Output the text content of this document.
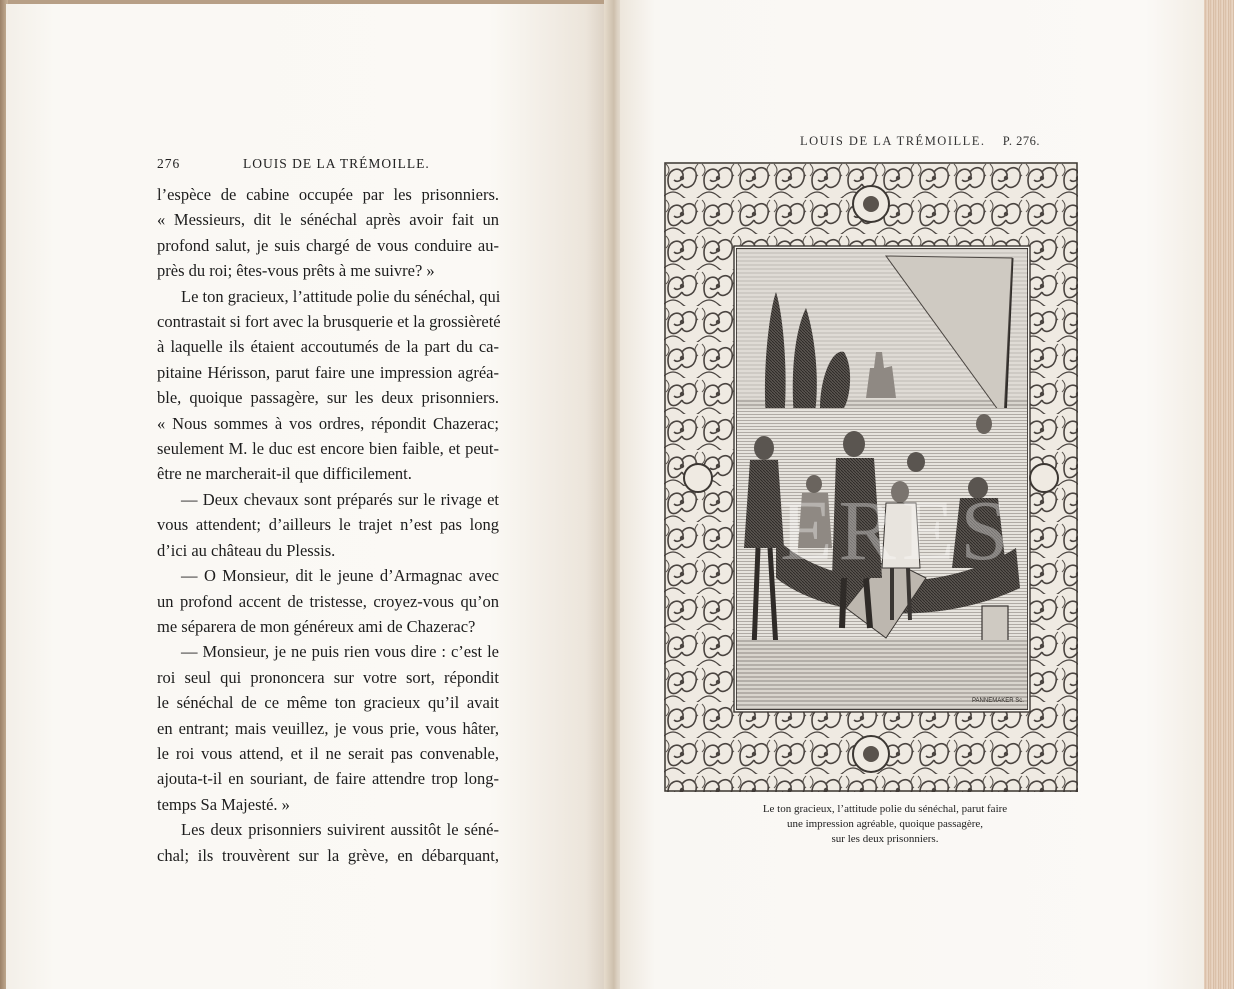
276	LOUIS DE LA TRÉMOILLE.
l’espèce de cabine occupée par les prisonniers.
« Messieurs, dit le sénéchal après avoir fait un
profond salut, je suis chargé de vous conduire au-
près du roi; êtes-vous prêts à me suivre? »
Le ton gracieux, l’attitude polie du sénéchal, qui
contrastait si fort avec la brusquerie et la grossièreté
à laquelle ils étaient accoutumés de la part du ca-
pitaine Hérisson, parut faire une impression agréa-
ble, quoique passagère, sur les deux prisonniers.
« Nous sommes à vos ordres, répondit Chazerac;
seulement M. le duc est encore bien faible, et peut-
être ne marcherait-il que difficilement.
— Deux chevaux sont préparés sur le rivage et
vous attendent; d’ailleurs le trajet n’est pas long
d’ici au château du Plessis.
— O Monsieur, dit le jeune d’Armagnac avec
un profond accent de tristesse, croyez-vous qu’on
me séparera de mon généreux ami de Chazerac?
— Monsieur, je ne puis rien vous dire : c’est le
roi seul qui prononcera sur votre sort, répondit
le sénéchal de ce même ton gracieux qu’il avait
en entrant; mais veuillez, je vous prie, vous hâter,
le roi vous attend, et il ne serait pas convenable,
ajouta-t-il en souriant, de faire attendre trop long-
temps Sa Majesté. »
Les deux prisonniers suivirent aussitôt le séné-
chal; ils trouvèrent sur la grève, en débarquant,
LOUIS DE LA TRÉMOILLE. P. 276.
PANNEMAKER Sc.
ERES
Le ton gracieux, l’attitude polie du sénéchal, parut faire
une impression agréable, quoique passagère,
sur les deux prisonniers.
